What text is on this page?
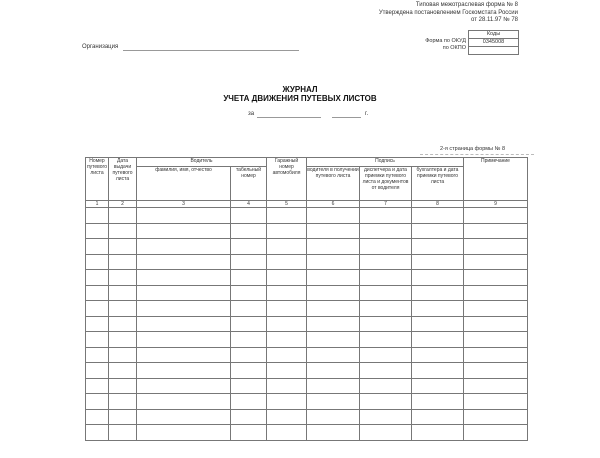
Типовая межотраслевая форма № 8
Утверждена постановлением Госкомстата России
от 28.11.97 № 78
Форма по ОКУД
по ОКПО
Коды
0345008
Организация
ЖУРНАЛ
УЧЕТА ДВИЖЕНИЯ ПУТЕВЫХ ЛИСТОВ
за	г.
2-я страница формы № 8
Номер путевого листа	Дата выдачи путевого листа	Водитель		Гаражный номер автомобиля	Подпись			Примечание
		фамилия, имя, отчество	табельный номер		водителя в получении путевого листа	диспетчера и дата приемки путевого листа и документов от водителя	бухгалтера и дата приемки путевого листа	
1	2	3	4	5	6	7	8	9
